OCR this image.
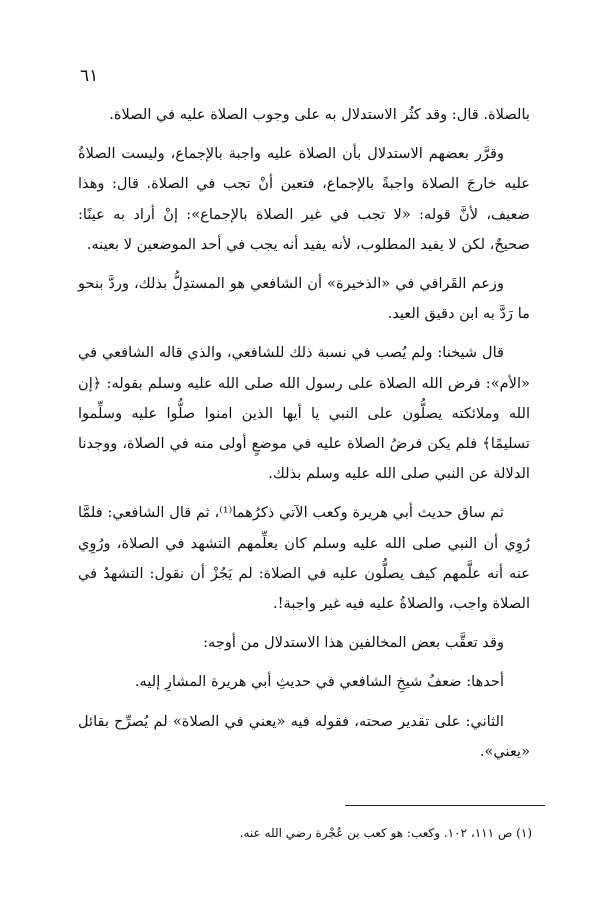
٦١

بالصلاة. قال: وقد كثُر الاستدلال به على وجوب الصلاة عليه في الصلاة.

وقرَّر بعضهم الاستدلال بأن الصلاة عليه واجبة بالإجماع، وليست الصلاةُ عليه خارجَ الصلاة واجبةً بالإجماع، فتعين أنْ تجب في الصلاة. قال: وهذا ضعيف، لأنَّ قوله: «لا تجب في غير الصلاة بالإجماع»: إنْ أراد به عينًا: صحيحٌ، لكن لا يفيد المطلوب، لأنه يفيد أنه يجب في أحد الموضعين لا بعينه.

وزعم القَرافي في «الذخيرة» أن الشافعي هو المستدِلُّ بذلك، وردَّ بنحو ما رَدَّ به ابن دقيق العيد.

قال شيخنا: ولم يُصب في نسبة ذلك للشافعي، والذي قاله الشافعي في «الأم»: فرض الله الصلاة على رسول الله صلى الله عليه وسلم بقوله: ﴿إن الله وملائكته يصلُّون على النبي يا أيها الذين امنوا صلُّوا عليه وسلِّموا تسليمًا﴾ فلم يكن فرضُ الصلاة عليه في موضعٍ أولى منه في الصلاة، ووجدنا الدلالة عن النبي صلى الله عليه وسلم بذلك.

ثم ساق حديث أبي هريرة وكعب الآتي ذكرُهما⁽¹⁾، ثم قال الشافعي: فلمَّا رُوِي أن النبي صلى الله عليه وسلم كان يعلِّمهم التشهد في الصلاة، ورُوِي عنه أنه علَّمهم كيف يصلُّون عليه في الصلاة: لم يَجُزْ أن نقول: التشهدُ في الصلاة واجب، والصلاةُ عليه فيه غير واجبة!.

وقد تعقَّب بعض المخالفين هذا الاستدلال من أوجه:

أحدها: ضعفُ شيخِ الشافعي في حديثِ أبي هريرة المشارِ إليه.

الثاني: على تقدير صحته، فقوله فيه «يعني في الصلاة» لم يُصرِّح بقائل «يعني».

(١) ص ١١١، ١٠٢. وكعب: هو كعب بن عُجْرة رضي الله عنه.
